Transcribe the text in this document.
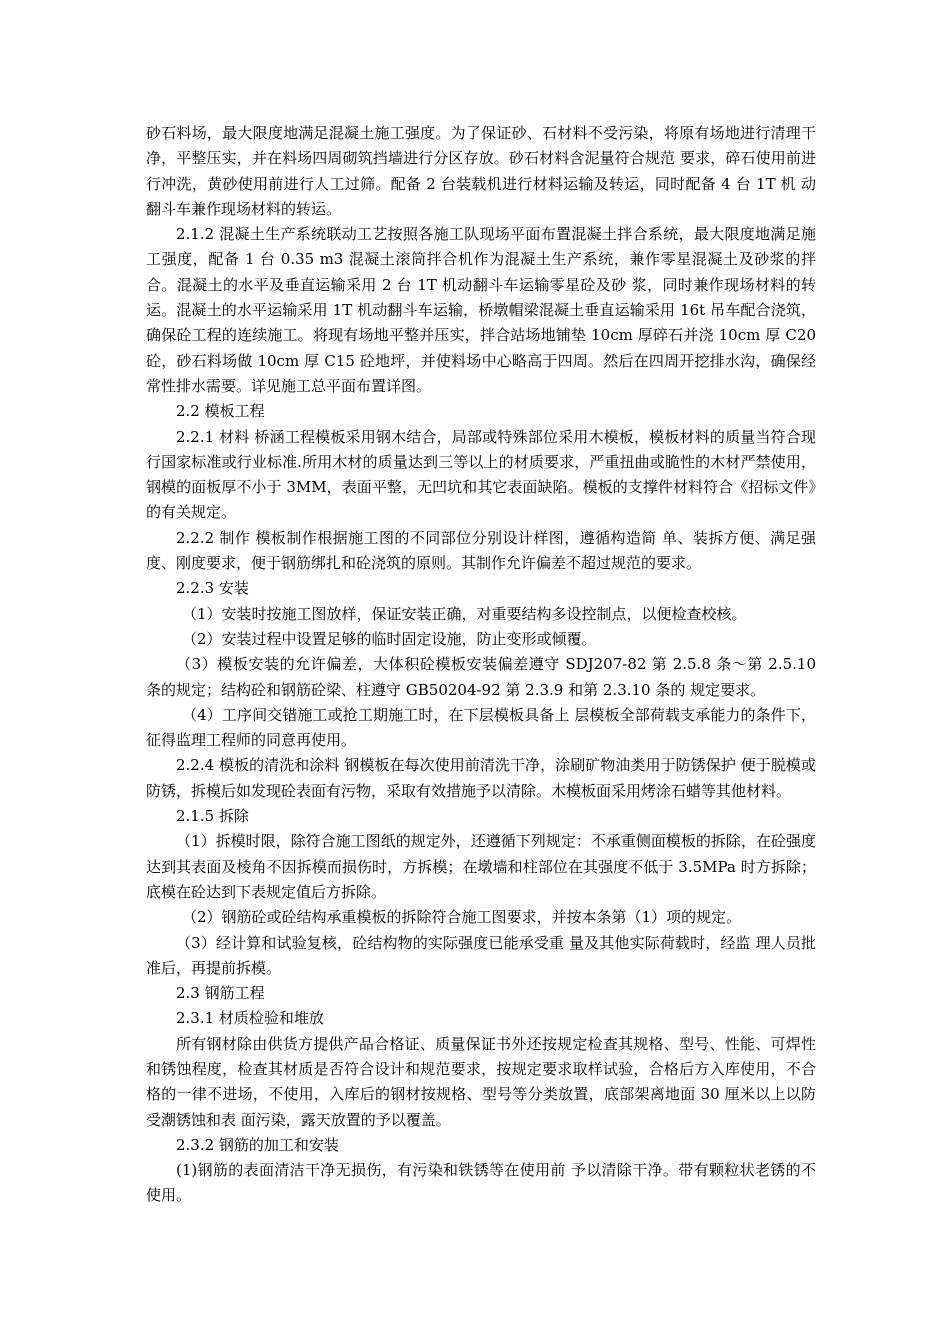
砂石料场，最大限度地满足混凝土施工强度。为了保证砂、石材料不受污染，将原有场地进行清理干净，平整压实，并在料场四周砌筑挡墙进行分区存放。砂石材料含泥量符合规范 要求，碎石使用前进行冲洗，黄砂使用前进行人工过筛。配备 2 台装载机进行材料运输及转运，同时配备 4 台 1T 机 动翻斗车兼作现场材料的转运。

2.1.2 混凝土生产系统联动工艺按照各施工队现场平面布置混凝土拌合系统，最大限度地满足施工强度，配备 1 台 0.35 m3 混凝土滚筒拌合机作为混凝土生产系统，兼作零星混凝土及砂浆的拌合。混凝土的水平及垂直运输采用 2 台 1T 机动翻斗车运输零星砼及砂 浆，同时兼作现场材料的转 运。混凝土的水平运输采用 1T 机动翻斗车运输，桥墩帽梁混凝土垂直运输采用 16t 吊车配合浇筑，确保砼工程的连续施工。将现有场地平整并压实，拌合站场地铺垫 10cm 厚碎石并浇 10cm 厚 C20 砼，砂石料场做 10cm 厚 C15 砼地坪，并使料场中心略高于四周。然后在四周开挖排水沟，确保经常性排水需要。详见施工总平面布置详图。

2.2 模板工程

2.2.1 材料 桥涵工程模板采用钢木结合，局部或特殊部位采用木模板，模板材料的质量当符合现行国家标准或行业标准.所用木材的质量达到三等以上的材质要求，严重扭曲或脆性的木材严禁使用，钢模的面板厚不小于 3MM，表面平整，无凹坑和其它表面缺陷。模板的支撑件材料符合《招标文件》的有关规定。

2.2.2 制作 模板制作根据施工图的不同部位分别设计样图，遵循构造简 单、装拆方便、满足强度、刚度要求，便于钢筋绑扎和砼浇筑的原则。其制作允许偏差不超过规范的要求。

2.2.3 安装

（1）安装时按施工图放样，保证安装正确，对重要结构多设控制点，以便检查校核。

（2）安装过程中设置足够的临时固定设施，防止变形或倾覆。

（3）模板安装的允许偏差，大体积砼模板安装偏差遵守 SDJ207-82 第 2.5.8 条～第 2.5.10 条的规定；结构砼和钢筋砼梁、柱遵守 GB50204-92 第 2.3.9 和第 2.3.10 条的 规定要求。

（4）工序间交错施工或抢工期施工时，在下层模板具备上 层模板全部荷载支承能力的条件下，征得监理工程师的同意再使用。

2.2.4 模板的清洗和涂料 钢模板在每次使用前清洗干净，涂刷矿物油类用于防锈保护 便于脱模或防锈，拆模后如发现砼表面有污物，采取有效措施予以清除。木模板面采用烤涂石蜡等其他材料。

2.1.5 拆除

（1）拆模时限，除符合施工图纸的规定外，还遵循下列规定：不承重侧面模板的拆除，在砼强度达到其表面及棱角不因拆模而损伤时，方拆模；在墩墙和柱部位在其强度不低于 3.5MPa 时方拆除；底模在砼达到下表规定值后方拆除。

（2）钢筋砼或砼结构承重模板的拆除符合施工图要求，并按本条第（1）项的规定。

（3）经计算和试验复核，砼结构物的实际强度已能承受重 量及其他实际荷载时，经监 理人员批准后，再提前拆模。

2.3 钢筋工程

2.3.1 材质检验和堆放

所有钢材除由供货方提供产品合格证、质量保证书外还按规定检查其规格、型号、性能、可焊性和锈蚀程度，检查其材质是否符合设计和规范要求，按规定要求取样试验，合格后方入库使用，不合格的一律不进场，不使用，入库后的钢材按规格、型号等分类放置，底部架离地面 30 厘米以上以防受潮锈蚀和表 面污染，露天放置的予以覆盖。

2.3.2 钢筋的加工和安装

(1)钢筋的表面清洁干净无损伤，有污染和铁锈等在使用前 予以清除干净。带有颗粒状老锈的不使用。
